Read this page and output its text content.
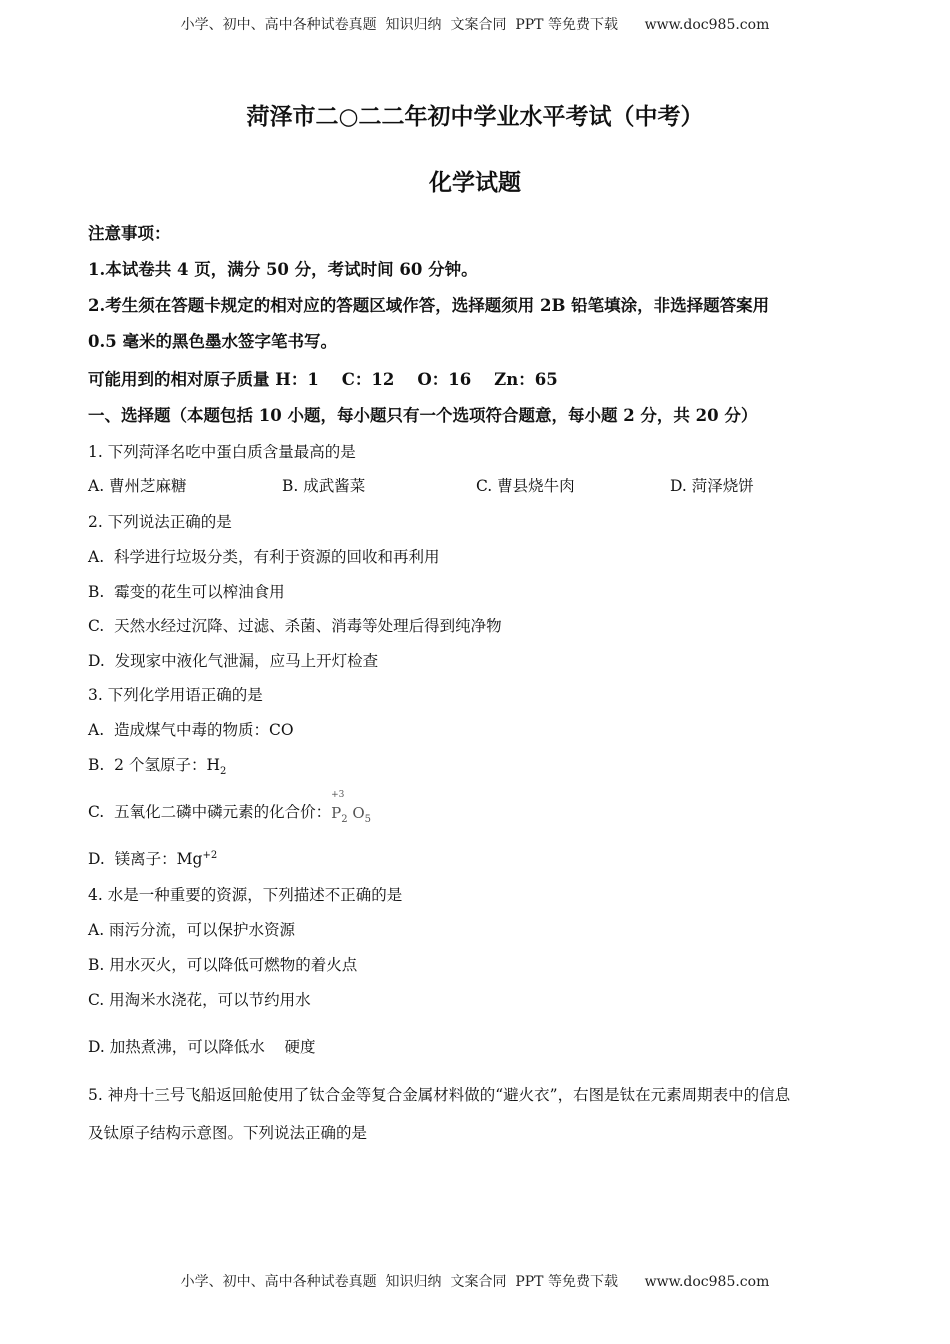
小学、初中、高中各种试卷真题  知识归纳  文案合同  PPT 等免费下载      www.doc985.com
菏泽市二○二二年初中学业水平考试（中考）
化学试题
注意事项：
1.本试卷共 4 页，满分 50 分，考试时间 60 分钟。
2.考生须在答题卡规定的相对应的答题区域作答，选择题须用 2B 铅笔填涂，非选择题答案用
0.5 毫米的黑色墨水签字笔书写。
可能用到的相对原子质量 H：1    C：12    O：16    Zn：65
一、选择题（本题包括 10 小题，每小题只有一个选项符合题意，每小题 2 分，共 20 分）
1. 下列菏泽名吃中蛋白质含量最高的是
A. 曹州芝麻糖	B. 成武酱菜	C. 曹县烧牛肉	D. 菏泽烧饼
2. 下列说法正确的是
A.  科学进行垃圾分类，有利于资源的回收和再利用
B.  霉变的花生可以榨油食用
C.  天然水经过沉降、过滤、杀菌、消毒等处理后得到纯净物
D.  发现家中液化气泄漏，应马上开灯检查
3. 下列化学用语正确的是
A.  造成煤气中毒的物质：CO
B.  2 个氢原子：$H_2$
C.  五氧化二磷中磷元素的化合价：
+3
$P_2$ $O_5$
D.  镁离子：$Mg^{+2}$
4. 水是一种重要的资源，下列描述不正确的是
A. 雨污分流，可以保护水资源
B. 用水灭火，可以降低可燃物的着火点
C. 用淘米水浇花，可以节约用水
D. 加热煮沸，可以降低水    硬度
5. 神舟十三号飞船返回舱使用了钛合金等复合金属材料做的“避火衣”，右图是钛在元素周期表中的信息
及钛原子结构示意图。下列说法正确的是
小学、初中、高中各种试卷真题  知识归纳  文案合同  PPT 等免费下载      www.doc985.com
